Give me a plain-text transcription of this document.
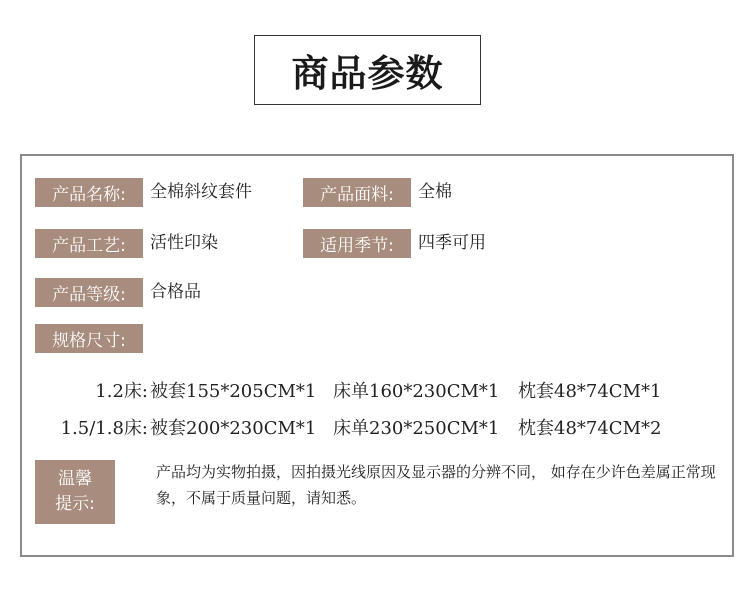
商品参数
产品名称:	全棉斜纹套件	产品面料:	全棉
产品工艺:	活性印染	适用季节:	四季可用
产品等级:	合格品
规格尺寸:
1.2床: 被套155*205CM*1 床单160*230CM*1 枕套48*74CM*1
1.5/1.8床: 被套200*230CM*1 床单230*250CM*1 枕套48*74CM*2
温馨
提示:
产品均为实物拍摄，因拍摄光线原因及显示器的分辨不同， 如存在少许色差属正常现象，不属于质量问题，请知悉。
